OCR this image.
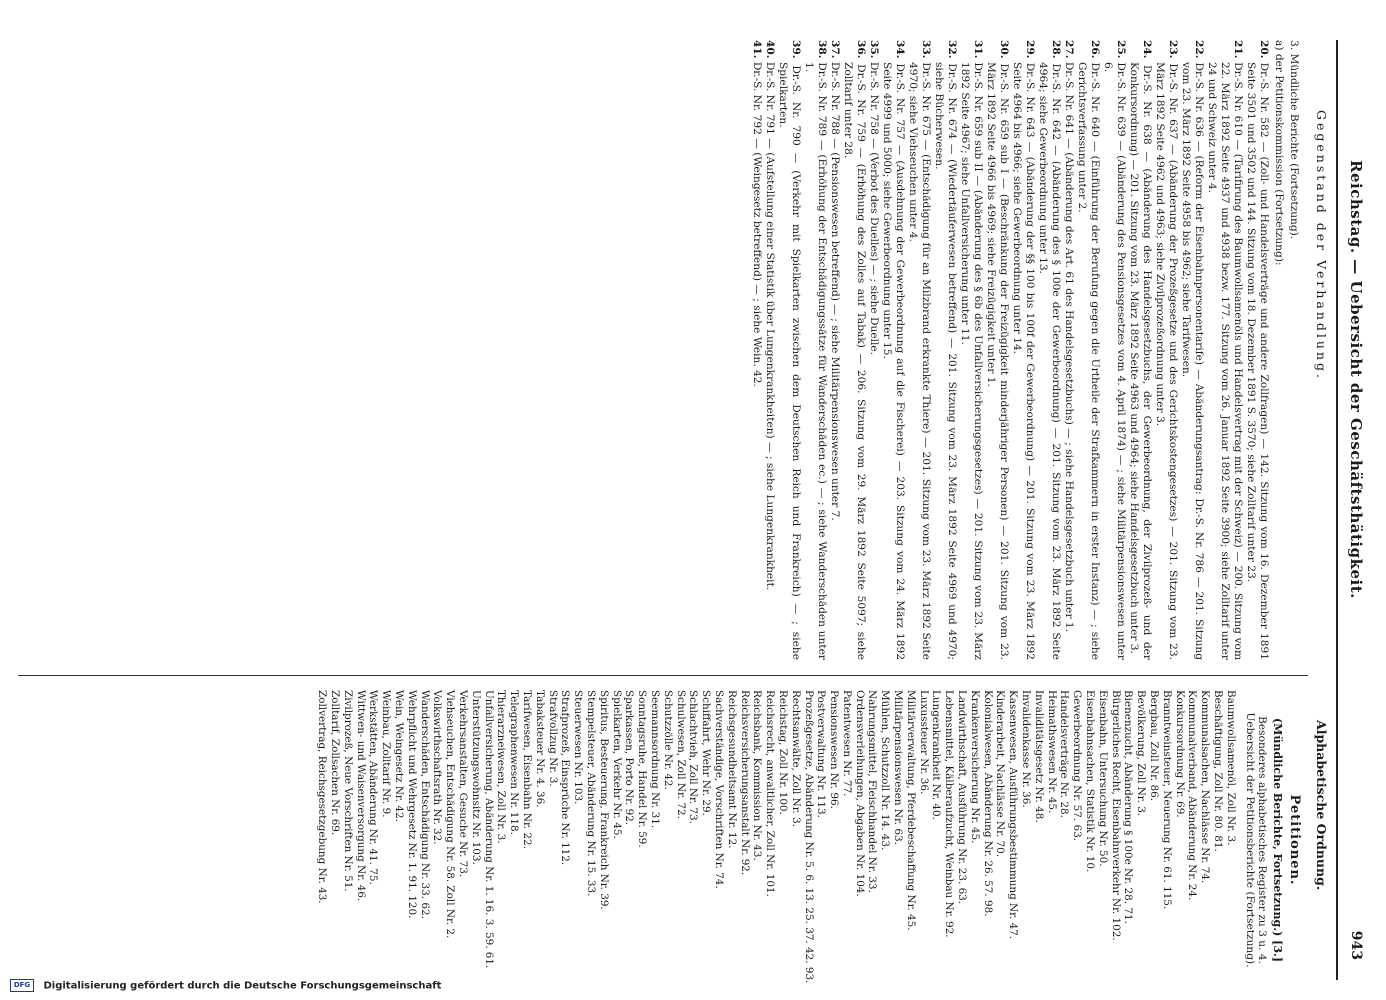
Reichstag. — Uebersicht der Geschäftsthätigkeit.
943
Gegenstand der Verhandlung.
Alphabetische Ordnung.
3. Mündliche Berichte (Fortsetzung).
a) der Petitionskommission (Fortsetzung):

20. Dr.-S. Nr. 582 — (Zoll- und Handelsverträge und andere Zollfragen) — 142. Sitzung vom 16. Dezember 1891 Seite 3501 und 3502 und 144. Sitzung vom 18. Dezember 1891 S. 3570; siehe Zolltarif unter 23.

21. Dr.-S. Nr. 610 — (Tarifirung des Baumwollsamenöls und Handelsvertrag mit der Schweiz) — 200. Sitzung vom 22. März 1892 Seite 4937 und 4938 bezw. 177. Sitzung vom 26. Januar 1892 Seite 3900; siehe Zolltarif unter 24 und Schweiz unter 4.

22. Dr.-S. Nr. 636 — (Reform der Eisenbahnpersonentarife) — Abänderungsantrag: Dr.-S. Nr. 786 — 201. Sitzung vom 23. März 1892 Seite 4958 bis 4962; siehe Tarifwesen.

23. Dr.-S. Nr. 637 — (Abänderung der Prozeßgesetze und des Gerichtskostengesetzes) — 201. Sitzung vom 23. März 1892 Seite 4962 und 4963; siehe Zivilprozeßordnung unter 3.

24. Dr.-S. Nr. 638 — (Abänderung des Handelsgesetzbuchs, der Gewerbeordnung, der Zivilprozeß- und der Konkursordnung) — 201. Sitzung vom 23. März 1892 Seite 4963 und 4964; siehe Handelsgesetzbuch unter 3.

25. Dr.-S. Nr. 639 — (Abänderung des Pensionsgesetzes vom 4. April 1874) — ; siehe Militärpensionswesen unter 6.

26. Dr.-S. Nr. 640 — (Einführung der Berufung gegen die Urtheile der Strafkammern in erster Instanz) — ; siehe Gerichtsverfassung unter 2.

27. Dr.-S. Nr. 641 — (Abänderung des Art. 61 des Handelsgesetzbuchs) — ; siehe Handelsgesetzbuch unter 1.

28. Dr.-S. Nr. 642 — (Abänderung des § 100e der Gewerbeordnung) — 201. Sitzung vom 23. März 1892 Seite 4964; siehe Gewerbeordnung unter 13.

29. Dr.-S. Nr. 643 — (Abänderung der §§ 100 bis 100f der Gewerbeordnung) — 201. Sitzung vom 23. März 1892 Seite 4964 bis 4966; siehe Gewerbeordnung unter 14.

30. Dr.-S. Nr. 659 sub I — (Beschränkung der Freizügigkeit minderjähriger Personen) — 201. Sitzung vom 23. März 1892 Seite 4966 bis 4969; siehe Freizügigkeit unter 1.

31. Dr.-S. Nr. 659 sub II — (Abänderung des § 6b des Unfallversicherungsgesetzes) — 201. Sitzung vom 23. März 1892 Seite 4967; siehe Unfallversicherung unter 11.

32. Dr.-S. Nr. 674 — (Wiedertäuferwesen betreffend) — 201. Sitzung vom 23. März 1892 Seite 4969 und 4970; siehe Bücherwesen.

33. Dr.-S. Nr. 675 — (Entschädigung für an Milzbrand erkrankte Thiere) — 201. Sitzung vom 23. März 1892 Seite 4970; siehe Viehseuchen unter 4.

34. Dr.-S. Nr. 757 — (Ausdehnung der Gewerbeordnung auf die Fischerei) — 203. Sitzung vom 24. März 1892 Seite 4999 und 5000; siehe Gewerbeordnung unter 15.

35. Dr.-S. Nr. 758 — (Verbot des Duelles) — ; siehe Duelle.

36. Dr.-S. Nr. 759 — (Erhöhung des Zolles auf Tabak) — 206. Sitzung vom 29. März 1892 Seite 5097; siehe Zolltarif unter 28.

37. Dr.-S. Nr. 788 — (Pensionswesen betreffend) — ; siehe Militärpensionswesen unter 7.

38. Dr.-S. Nr. 789 — (Erhöhung der Entschädigungssätze für Wanderschäden ec.) — ; siehe Wanderschäden unter 1.

39. Dr.-S. Nr. 790 — (Verkehr mit Spielkarten zwischen dem Deutschen Reich und Frankreich) — ; siehe Spielkarten.

40. Dr.-S. Nr. 791 — (Aufstellung einer Statistik über Lungenkrankheiten) — ; siehe Lungenkrankheit.

41. Dr.-S. Nr. 792 — (Weingesetz betreffend) — ; siehe Wein. 42.

Petitionen.
(Mündliche Berichte, Fortsetzung.) [3.]
Besonderes alphabetisches Register zu 3 u. 4. Uebersicht der Petitionsberichte (Fortsetzung).

Baumwollsamenöl, Zoll Nr. 3.

Beschäftigung, Zoll Nr. 80. 81.

Kommunalsachen, Nachlässe Nr. 74.

Kommunalverband, Abänderung Nr. 24.

Konkursordnung Nr. 69.

Branntweinsteuer, Neuerung Nr. 61. 115.

Bergbau, Zoll Nr. 86.

Bevölkerung, Zoll Nr. 3.

Bienenzucht, Abänderung § 100e Nr. 28. 71.

Bürgerliches Recht, Eisenbahnverkehr Nr. 102.

Eisenbahn, Untersuchung Nr. 50.

Eisenbahnsachen, Statistik Nr. 10.

Gewerbeordnung Nr. 57. 63.

Handelsverträge Nr. 28.

Heimathswesen Nr. 45.

Invaliditätsgesetz Nr. 48.

Invalidenkasse Nr. 36.

Kassenwesen, Ausführungsbestimmung Nr. 47.

Kinderarbeit, Nachlässe Nr. 70.

Kolonialwesen, Abänderung Nr. 26. 57. 98.

Krankenversicherung Nr. 45.

Landwirthschaft, Ausführung Nr. 23. 63.

Lebensmittel, Kälberaufzucht, Weinbau Nr. 92.

Lungenkrankheit Nr. 40.

Luxussteuer Nr. 36.

Militärverwaltung, Pferdebeschaffung Nr. 45.

Militärpensionswesen Nr. 63.

Mühlen, Schutzzoll Nr. 14. 43.

Nahrungsmittel, Fleischhandel Nr. 33.

Ordensverleihungen, Abgaben Nr. 104.

Patentwesen Nr. 77.

Pensionswesen Nr. 96.

Postverwaltung Nr. 113.

Prozeßgesetze, Abänderung Nr. 5. 6. 13. 25. 37. 42. 93.

Rechtsanwälte, Zoll Nr. 3.

Reichstag, Zoll Nr. 100.

Reichsrecht, anwaltlicher, Zoll Nr. 101.

Reichsbank, Kommission Nr. 43.

Reichsversicherungsanstalt Nr. 92.

Reichsgesundheitsamt Nr. 12.

Sachverständige, Vorschriften Nr. 74.

Schiffahrt, Wehr Nr. 29.

Schlachtvieh, Zoll Nr. 73.

Schulwesen, Zoll Nr. 72.

Schutzzölle Nr. 42.

Seemannsordnung Nr. 31.

Sonntagsruhe, Handel Nr. 59.

Sparkassen, Porto Nr. 92.

Spielkarten, Verkehr Nr. 45.

Spiritus, Besteuerung, Frankreich Nr. 39.

Stempelsteuer, Abänderung Nr. 15. 33.

Steuerwesen Nr. 103.

Strafprozeß, Einsprüche Nr. 112.

Strafvollzug Nr. 3.

Tabaksteuer Nr. 4. 36.

Tarifwesen, Eisenbahn Nr. 22.

Telegraphenwesen Nr. 118.

Thierarzneiwesen, Zoll Nr. 3.

Unfallversicherung, Abänderung Nr. 1. 16. 3. 59. 61.

Unterstützungswohnsitz Nr. 103.

Verkehrsanstalten, Gesuche Nr. 73.

Viehseuchen, Entschädigung Nr. 58. Zoll Nr. 2.

Volkswirthschaftsrath Nr. 32.

Wanderschäden, Entschädigung Nr. 33. 62.

Wehrpflicht und Wehrgesetz Nr. 1. 91. 120.

Wein, Weingesetz Nr. 42.

Weinbau, Zolltarif Nr. 9.

Werkstätten, Abänderung Nr. 41. 75.

Wittwen- und Waisenversorgung Nr. 46.

Zivilprozeß, Neue Vorschriften Nr. 51.

Zolltarif, Zollsachen Nr. 69.

Zollvertrag, Reichsgesetzgebung Nr. 43.

DFG Digitalisierung gefördert durch die Deutsche Forschungsgemeinschaft
